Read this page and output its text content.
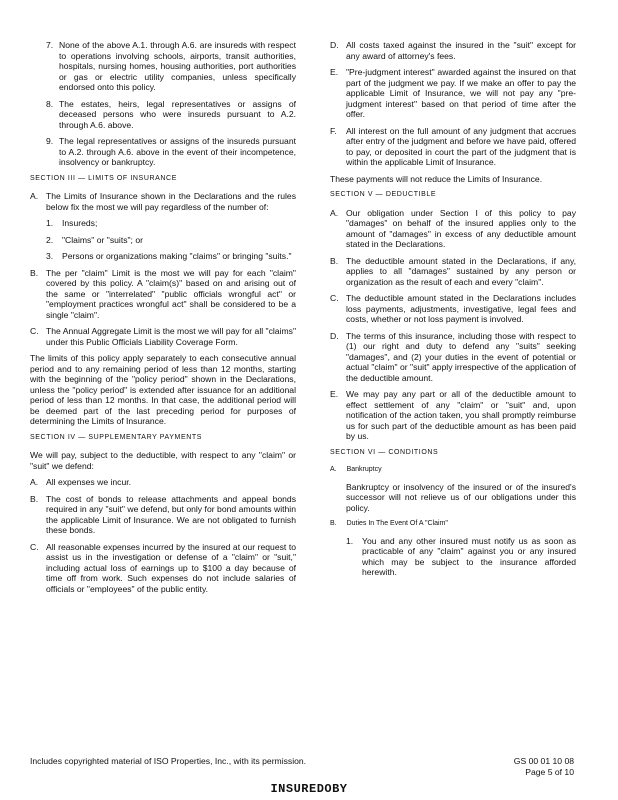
7. None of the above A.1. through A.6. are insureds with respect to operations involving schools, airports, transit authorities, hospitals, nursing homes, housing authorities, port authorities or gas or electric utility companies, unless specifically endorsed onto this policy.
8. The estates, heirs, legal representatives or assigns of deceased persons who were insureds pursuant to A.2. through A.6. above.
9. The legal representatives or assigns of the insureds pursuant to A.2. through A.6. above in the event of their incompetence, insolvency or bankruptcy.
SECTION III — LIMITS OF INSURANCE
A. The Limits of Insurance shown in the Declarations and the rules below fix the most we will pay regardless of the number of:
1. Insureds;
2. "Claims" or "suits"; or
3. Persons or organizations making "claims" or bringing "suits."
B. The per "claim" Limit is the most we will pay for each "claim" covered by this policy. A "claim(s)" based on and arising out of the same or "interrelated" "public officials wrongful act" or "employment practices wrongful act" shall be considered to be a single "claim".
C. The Annual Aggregate Limit is the most we will pay for all "claims" under this Public Officials Liability Coverage Form.

The limits of this policy apply separately to each consecutive annual period and to any remaining period of less than 12 months, starting with the beginning of the "policy period" shown in the Declarations, unless the "policy period" is extended after issuance for an additional period of less than 12 months. In that case, the additional period will be deemed part of the last preceding period for purposes of determining the Limits of Insurance.

SECTION IV — SUPPLEMENTARY PAYMENTS

We will pay, subject to the deductible, with respect to any "claim" or "suit" we defend:

A. All expenses we incur.
B. The cost of bonds to release attachments and appeal bonds required in any "suit" we defend, but only for bond amounts within the applicable Limit of Insurance. We are not obligated to furnish these bonds.
C. All reasonable expenses incurred by the insured at our request to assist us in the investigation or defense of a "claim" or "suit," including actual loss of earnings up to $100 a day because of time off from work. Such expenses do not include salaries of officials or "employees" of the public entity.
D. All costs taxed against the insured in the "suit" except for any award of attorney's fees.
E. "Pre-judgment interest" awarded against the insured on that part of the judgment we pay. If we make an offer to pay the applicable Limit of Insurance, we will not pay any "pre-judgment interest" based on that period of time after the offer.
F. All interest on the full amount of any judgment that accrues after entry of the judgment and before we have paid, offered to pay, or deposited in court the part of the judgment that is within the applicable Limit of Insurance.

These payments will not reduce the Limits of Insurance.

SECTION V — DEDUCTIBLE
A. Our obligation under Section I of this policy to pay "damages" on behalf of the insured applies only to the amount of "damages" in excess of any deductible amount stated in the Declarations.
B. The deductible amount stated in the Declarations, if any, applies to all "damages" sustained by any person or organization as the result of each and every "claim".
C. The deductible amount stated in the Declarations includes loss payments, adjustments, investigative, legal fees and costs, whether or not loss payment is involved.
D. The terms of this insurance, including those with respect to (1) our right and duty to defend any "suits" seeking "damages", and (2) your duties in the event of potential or actual "claim" or "suit" apply irrespective of the application of the deductible amount.
E. We may pay any part or all of the deductible amount to effect settlement of any "claim" or "suit" and, upon notification of the action taken, you shall promptly reimburse us for such part of the deductible amount as has been paid by us.
SECTION VI — CONDITIONS
A. Bankruptcy

Bankruptcy or insolvency of the insured or of the insured's successor will not relieve us of our obligations under this policy.

B. Duties In The Event Of A "Claim"
1. You and any other insured must notify us as soon as practicable of any "claim" against you or any insured which may be subject to the insurance afforded herewith.
Includes copyrighted material of ISO Properties, Inc., with its permission.	GS 00 01 10 08
Page 5 of 10
INSUREDOBY
